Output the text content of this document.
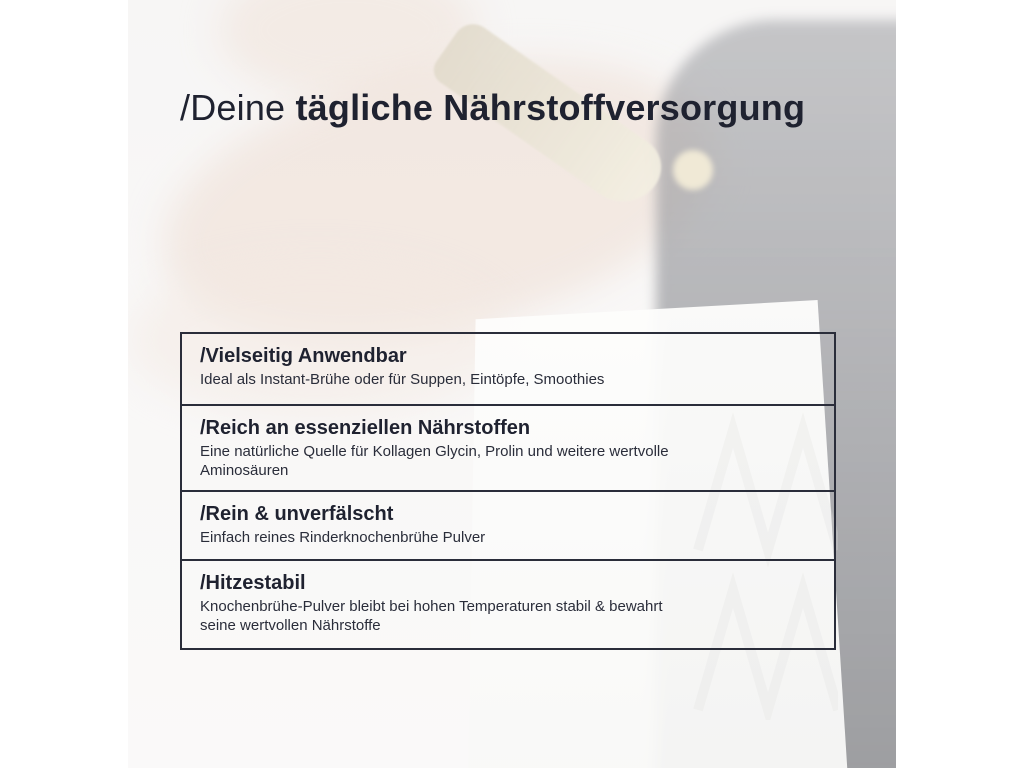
/Deine tägliche Nährstoffversorgung

/Vielseitig Anwendbar

Ideal als Instant-Brühe oder für Suppen, Eintöpfe, Smoothies

/Reich an essenziellen Nährstoffen

Eine natürliche Quelle für Kollagen Glycin, Prolin und weitere wertvolle Aminosäuren

/Rein & unverfälscht

Einfach reines Rinderknochenbrühe Pulver

/Hitzestabil

Knochenbrühe-Pulver bleibt bei hohen Temperaturen stabil & bewahrt seine wertvollen Nährstoffe
